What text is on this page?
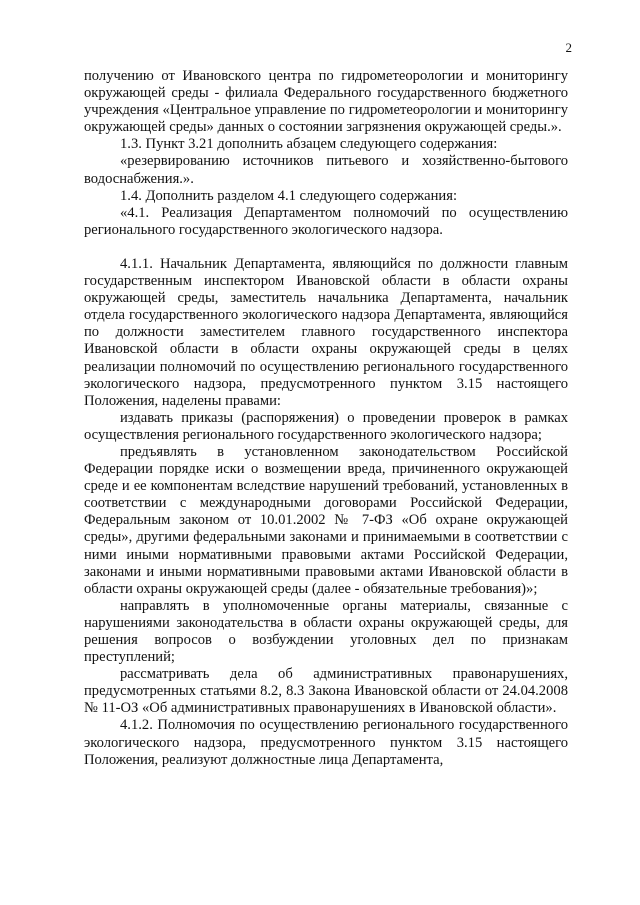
2

получению от Ивановского центра по гидрометеорологии и мониторингу окружающей среды - филиала Федерального государственного бюджетного учреждения «Центральное управление по гидрометеорологии и мониторингу окружающей среды» данных о состоянии загрязнения окружающей среды.».

1.3. Пункт 3.21 дополнить абзацем следующего содержания:

«резервированию источников питьевого и хозяйственно-бытового водоснабжения.».

1.4. Дополнить разделом 4.1 следующего содержания:

«4.1. Реализация Департаментом полномочий по осуществлению регионального государственного экологического надзора.

4.1.1. Начальник Департамента, являющийся по должности главным государственным инспектором Ивановской области в области охраны окружающей среды, заместитель начальника Департамента, начальник отдела государственного экологического надзора Департамента, являющийся по должности заместителем главного государственного инспектора Ивановской области в области охраны окружающей среды в целях реализации полномочий по осуществлению регионального государственного экологического надзора, предусмотренного пунктом 3.15 настоящего Положения, наделены правами:

издавать приказы (распоряжения) о проведении проверок в рамках осуществления регионального государственного экологического надзора;

предъявлять в установленном законодательством Российской Федерации порядке иски о возмещении вреда, причиненного окружающей среде и ее компонентам вследствие нарушений требований, установленных в соответствии с международными договорами Российской Федерации, Федеральным законом от 10.01.2002 № 7-ФЗ «Об охране окружающей среды», другими федеральными законами и принимаемыми в соответствии с ними иными нормативными правовыми актами Российской Федерации, законами и иными нормативными правовыми актами Ивановской области в области охраны окружающей среды (далее - обязательные требования)»;

направлять в уполномоченные органы материалы, связанные с нарушениями законодательства в области охраны окружающей среды, для решения вопросов о возбуждении уголовных дел по признакам преступлений;

рассматривать дела об административных правонарушениях, предусмотренных статьями 8.2, 8.3 Закона Ивановской области от 24.04.2008 № 11-ОЗ «Об административных правонарушениях в Ивановской области».

4.1.2. Полномочия по осуществлению регионального государственного экологического надзора, предусмотренного пунктом 3.15 настоящего Положения, реализуют должностные лица Департамента,
